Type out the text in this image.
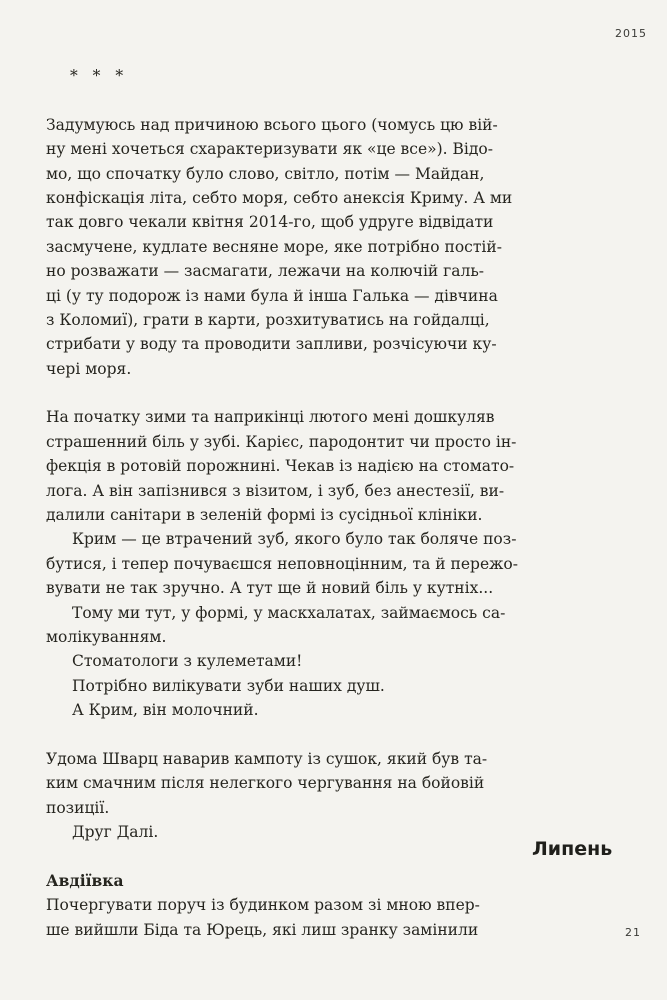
2015
Липень
* * *
Задумуюсь над причиною всього цього (чомусь цю вій-
ну мені хочеться схарактеризувати як «це все»). Відо-
мо, що спочатку було слово, світло, потім — Майдан,
конфіскація літа, себто моря, себто анексія Криму. А ми
так довго чекали квітня 2014-го, щоб удруге відвідати
засмучене, кудлате весняне море, яке потрібно постій-
но розважати — засмагати, лежачи на колючій галь-
ці (у ту подорож із нами була й інша Галька — дівчина
з Коломиї), грати в карти, розхитуватись на гойдалці,
стрибати у воду та проводити запливи, розчісуючи ку-
чері моря.
На початку зими та наприкінці лютого мені дошкуляв
страшенний біль у зубі. Карієс, пародонтит чи просто ін-
фекція в ротовій порожнині. Чекав із надією на стомато-
лога. А він запізнився з візитом, і зуб, без анестезії, ви-
далили санітари в зеленій формі із сусідньої клініки.
Крим — це втрачений зуб, якого було так боляче поз-
бутися, і тепер почуваєшся неповноцінним, та й пережо-
вувати не так зручно. А тут ще й новий біль у кутніх...
Тому ми тут, у формі, у маскхалатах, займаємось са-
молікуванням.
Стоматологи з кулеметами!
Потрібно вилікувати зуби наших душ.
А Крим, він молочний.
Удома Шварц наварив кампоту із сушок, який був та-
ким смачним після нелегкого чергування на бойовій
позиції.
Друг Далі.
Авдіївка
Почергувати поруч із будинком разом зі мною впер-
ше вийшли Біда та Юрець, які лиш зранку замінили	21
